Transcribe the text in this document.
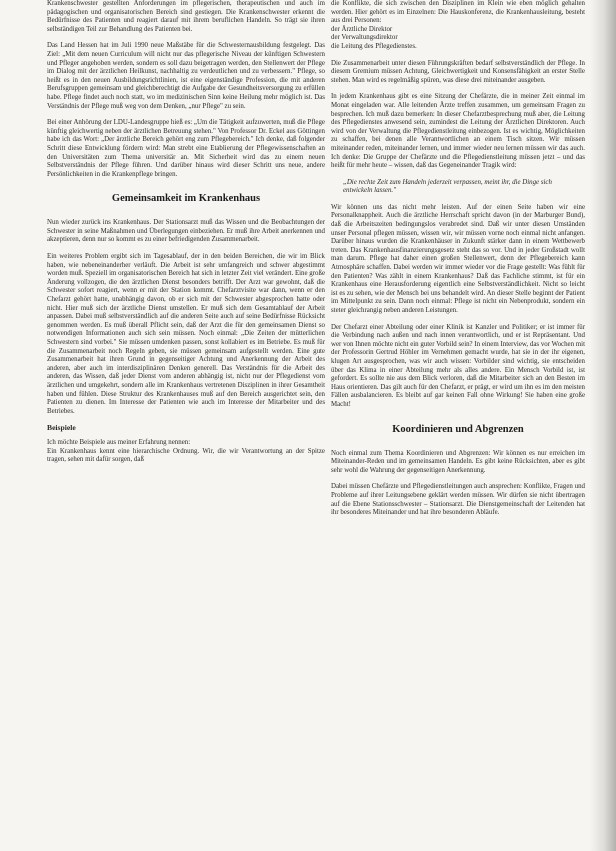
Krankenschwester gestellten Anforderungen im pflegerischen, therapeutischen und auch im pädagogischen und organisatorischen Bereich sind gestiegen. Die Krankenschwester erkennt die Bedürfnisse des Patienten und reagiert darauf mit ihrem beruflichen Handeln. So trägt sie ihren selbständigen Teil zur Behandlung des Patienten bei.

Das Land Hessen hat im Juli 1990 neue Maßstäbe für die Schwesternausbildung festgelegt. Das Ziel: „Mit dem neuen Curriculum will nicht nur das pflegerische Niveau der künftigen Schwestern und Pfleger angehoben werden, sondern es soll dazu beigetragen werden, den Stellenwert der Pflege im Dialog mit der ärztlichen Heilkunst, nachhaltig zu verdeutlichen und zu verbessern." Pflege, so heißt es in den neuen Ausbildungsrichtlinien, ist eine eigenständige Profession, die mit anderen Berufsgruppen gemeinsam und gleichberechtigt die Aufgabe der Gesundheitsversorgung zu erfüllen habe. Pflege findet auch noch statt, wo im medizinischen Sinn keine Heilung mehr möglich ist. Das Verständnis der Pflege muß weg von dem Denken, „nur Pflege" zu sein.

Bei einer Anhörung der LDU-Landesgruppe hieß es: „Um die Tätigkeit aufzuwerten, muß die Pflege künftig gleichwertig neben der ärztlichen Betreuung stehen." Von Professor Dr. Eckel aus Göttingen habe ich das Wort: „Der ärztliche Bereich gehört eng zum Pflegebereich." Ich denke, daß folgender Schritt diese Entwicklung fördern wird: Man strebt eine Etablierung der Pflegewissenschaften an den Universitäten zum Thema universitär an. Mit Sicherheit wird das zu einem neuen Selbstverständnis der Pflege führen. Und darüber hinaus wird dieser Schritt uns neue, andere Persönlichkeiten in die Krankenpflege bringen.

Gemeinsamkeit im Krankenhaus

Nun wieder zurück ins Krankenhaus. Der Stationsarzt muß das Wissen und die Beobachtungen der Schwester in seine Maßnahmen und Überlegungen einbeziehen. Er muß ihre Arbeit anerkennen und akzeptieren, denn nur so kommt es zu einer befriedigenden Zusammenarbeit.

Ein weiteres Problem ergibt sich im Tagesablauf, der in den beiden Bereichen, die wir im Blick haben, wie nebeneinanderher verläuft. Die Arbeit ist sehr umfangreich und schwer abgestimmt worden muß. Speziell im organisatorischen Bereich hat sich in letzter Zeit viel verändert. Eine große Änderung vollzogen, die den ärztlichen Dienst besonders betrifft. Der Arzt war gewohnt, daß die Schwester sofort reagiert, wenn er mit der Station kommt. Chefarztvisite war dann, wenn er den Chefarzt gehört hatte, unabhängig davon, ob er sich mit der Schwester abgesprochen hatte oder nicht. Hier muß sich der ärztliche Dienst umstellen. Er muß sich dem Gesamtablauf der Arbeit anpassen. Dabei muß selbstverständlich auf die anderen Seite auch auf seine Bedürfnisse Rücksicht genommen werden. Es muß überall Pflicht sein, daß der Arzt die für den gemeinsamen Dienst so notwendigen Informationen auch sich sein müssen. Noch einmal: „Die Zeiten der mütterlichen Schwestern sind vorbei." Sie müssen umdenken passen, sonst kollabiert es im Betriebe. Es muß für die Zusammenarbeit noch Regeln geben, sie müssen gemeinsam aufgestellt werden. Eine gute Zusammenarbeit hat ihren Grund in gegenseitiger Achtung und Anerkennung der Arbeit des anderen, aber auch im interdisziplinären Denken generell. Das Verständnis für die Arbeit des anderen, das Wissen, daß jeder Dienst vom anderen abhängig ist, nicht nur der Pflegedienst vom ärztlichen und umgekehrt, sondern alle im Krankenhaus vertretenen Disziplinen in ihrer Gesamtheit haben und fühlen. Diese Struktur des Krankenhauses muß auf den Bereich ausgerichtet sein, den Patienten zu dienen. Im Interesse der Patienten wie auch im Interesse der Mitarbeiter und des Betriebes.

Beispiele

Ich möchte Beispiele aus meiner Erfahrung nennen:

Ein Krankenhaus kennt eine hierarchische Ordnung. Wir, die wir Verantwortung an der Spitze tragen, sehen mit dafür sorgen, daß

die Konflikte, die sich zwischen den Disziplinen im Klein wie eben möglich gehalten werden. Hier gehört es im Einzelnen: Die Hauskonferenz, die Krankenhausleitung, besteht aus drei Personen:

der Ärztliche Direktor
der Verwaltungsdirektor
die Leitung des Pflegedienstes.

Die Zusammenarbeit unter diesen Führungskräften bedarf selbstverständlich der Pflege. In diesem Gremium müssen Achtung, Gleichwertigkeit und Konsensfähigkeit an erster Stelle stehen. Man wird es regelmäßig spüren, was diese drei miteinander ausgeben.

In jedem Krankenhaus gibt es eine Sitzung der Chefärzte, die in meiner Zeit einmal im Monat eingeladen war. Alle leitenden Ärzte treffen zusammen, um gemeinsam Fragen zu besprechen. Ich muß dazu bemerken: In dieser Chefarztbesprechung muß aber, die Leitung des Pflegedienstes anwesend sein, zumindest die Leitung der Ärztlichen Direktoren. Auch wird von der Verwaltung die Pflegedienstleitung einbezogen. Ist es wichtig, Möglichkeiten zu schaffen, bei denen alle Verantwortlichen an einem Tisch sitzen. Wir müssen miteinander reden, miteinander lernen, und immer wieder neu lernen müssen wir das auch. Ich denke: Die Gruppe der Chefärzte und die Pflegedienstleitung müssen jetzt – und das heißt für mehr heute – wissen, daß das Gegeneinander Tragik wird:

„Die rechte Zeit zum Handeln jederzeit verpassen, meint ihr, die Dinge sich entwickeln lassen."

Wir können uns das nicht mehr leisten. Auf der einen Seite haben wir eine Personalknappheit. Auch die ärztliche Herrschaft spricht davon (in der Marburger Bund), daß die Arbeitszeiten bedingungslos verabredet sind. Daß wir unter diesen Umständen unser Personal pflegen müssen, wissen wir, wir müssen vorne noch einmal nicht anfangen. Darüber hinaus wurden die Krankenhäuser in Zukunft stärker dann in einem Wettbewerb treten. Das Krankenhausfinanzierungsgesetz steht das so vor. Und in jeder Großstadt wollt man darum. Pflege hat daher einen großen Stellenwert, denn der Pflegebereich kann Atmosphäre schaffen. Dabei werden wir immer wieder vor die Frage gestellt: Was fühlt für den Patienten? Was zählt in einem Krankenhaus? Daß das Fachliche stimmt, ist für ein Krankenhaus eine Herausforderung eigentlich eine Selbstverständlichkeit. Nicht so leicht ist es zu sehen, wie der Mensch bei uns behandelt wird. An dieser Stelle beginnt der Patient im Mittelpunkt zu sein. Dann noch einmal: Pflege ist nicht ein Nebenprodukt, sondern ein steter gleichrangig neben anderen Leistungen.

Der Chefarzt einer Abteilung oder einer Klinik ist Kanzler und Politiker; er ist immer für die Verbindung nach außen und nach innen verantwortlich, und er ist Repräsentant. Und wer von Ihnen möchte nicht ein guter Vorbild sein? In einem Interview, das vor Wochen mit der Professorin Gertrud Höhler im Vernehmen gemacht wurde, hat sie in der ihr eigenen, klugen Art ausgesprochen, was wir auch wissen: Vorbilder sind wichtig, sie entscheiden über das Klima in einer Abteilung mehr als alles andere. Ein Mensch Vorbild ist, ist gefordert. Es sollte nie aus dem Blick verloren, daß die Mitarbeiter sich an den Besten im Haus orientieren. Das gilt auch für den Chefarzt, er prägt, er wird um ihn es im den meisten Fällen ausbalancieren. Es bleibt auf gar keinen Fall ohne Wirkung! Sie haben eine große Macht!

Koordinieren und Abgrenzen

Noch einmal zum Thema Koordinieren und Abgrenzen: Wir können es nur erreichen im Miteinander-Reden und im gemeinsamen Handeln. Es gibt keine Rücksichten, aber es gibt sehr wohl die Wahrung der gegenseitigen Anerkennung.

Dabei müssen Chefärzte und Pflegedienstleitungen auch ansprechen: Konflikte, Fragen und Probleme auf ihrer Leitungsebene geklärt werden müssen. Wir dürfen sie nicht übertragen auf die Ebene Stationsschwester – Stationsarzt. Die Dienstgemeinschaft der Leitenden hat ihr besonderes Miteinander und hat ihre besonderen Abläufe.
